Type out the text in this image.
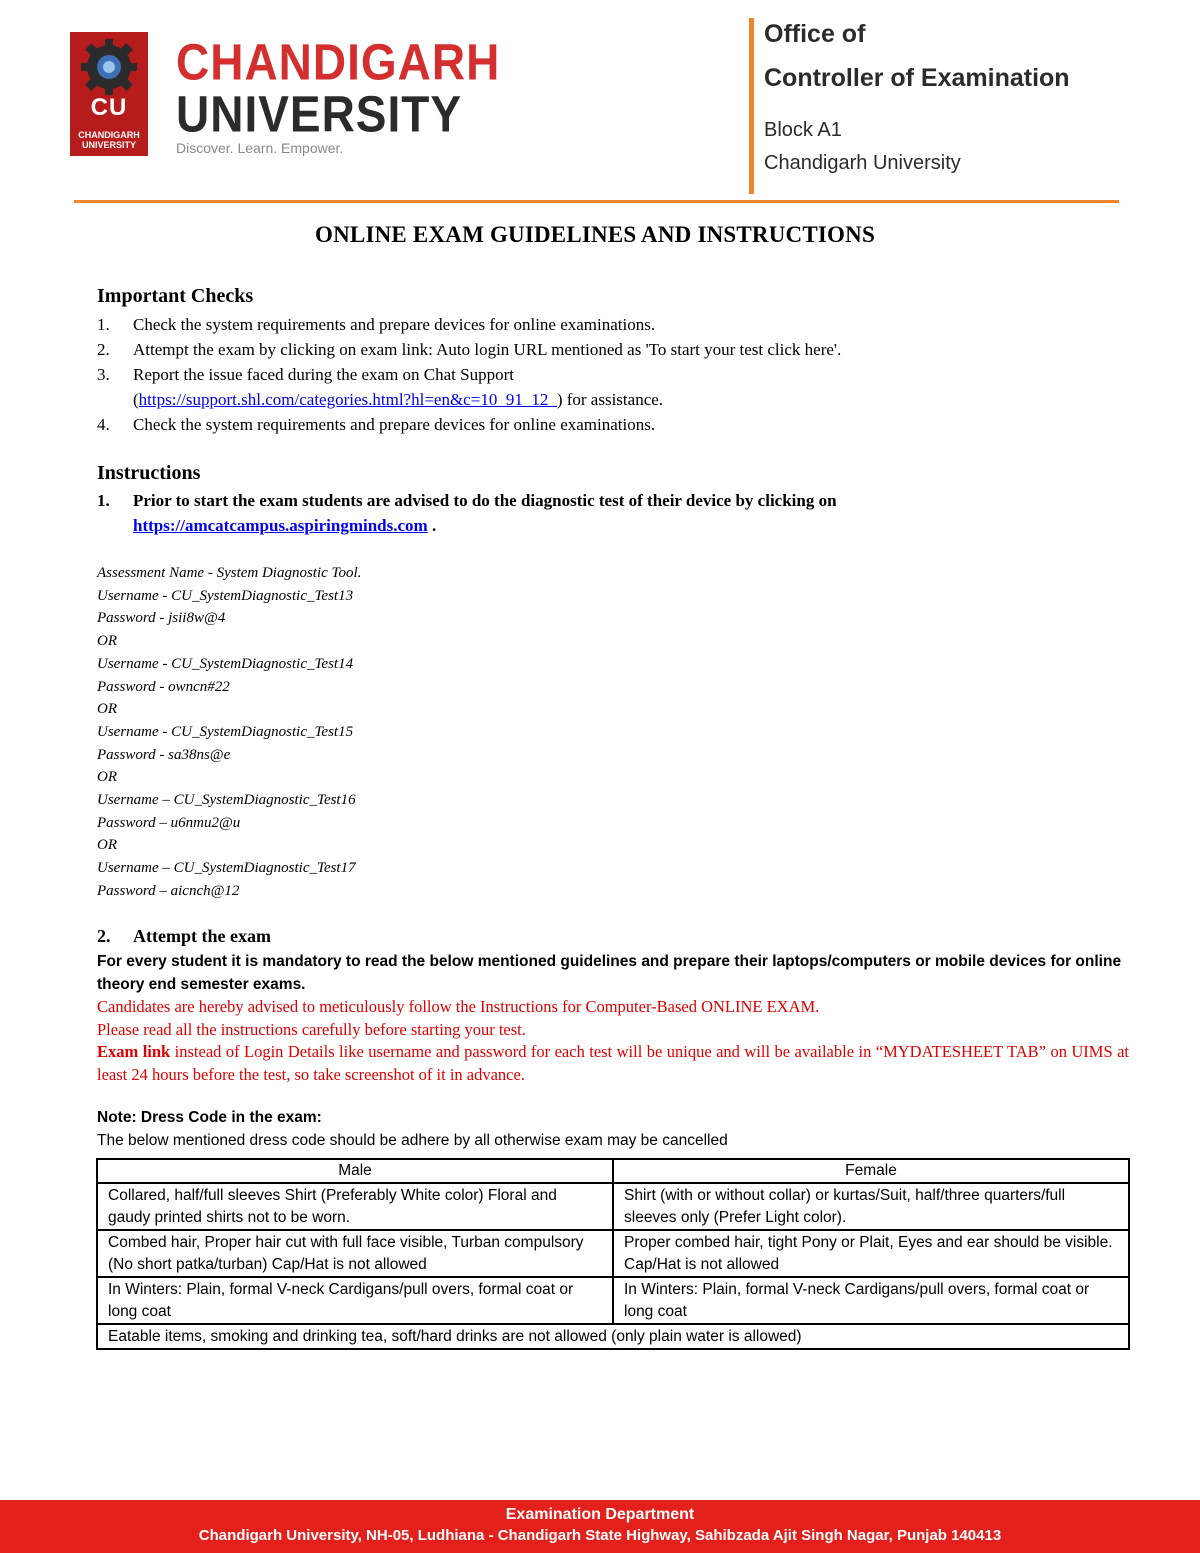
CU
CHANDIGARH UNIVERSITY
CHANDIGARH
UNIVERSITY
Discover. Learn. Empower.
Office of
Controller of Examination
Block A1
Chandigarh University
ONLINE EXAM GUIDELINES AND INSTRUCTIONS
Important Checks
1. Check the system requirements and prepare devices for online examinations.
2. Attempt the exam by clicking on exam link: Auto login URL mentioned as 'To start your test click here'.
3. Report the issue faced during the exam on Chat Support
(https://support.shl.com/categories.html?hl=en&c=10_91_12_) for assistance.
4. Check the system requirements and prepare devices for online examinations.
Instructions
1. Prior to start the exam students are advised to do the diagnostic test of their device by clicking on
https://amcatcampus.aspiringminds.com .
Assessment Name - System Diagnostic Tool.
Username - CU_SystemDiagnostic_Test13
Password - jsii8w@4
OR
Username - CU_SystemDiagnostic_Test14
Password - owncn#22
OR
Username - CU_SystemDiagnostic_Test15
Password - sa38ns@e
OR
Username – CU_SystemDiagnostic_Test16
Password – u6nmu2@u
OR
Username – CU_SystemDiagnostic_Test17
Password – aicnch@12
2. Attempt the exam
For every student it is mandatory to read the below mentioned guidelines and prepare their laptops/computers or mobile devices for online theory end semester exams.
Candidates are hereby advised to meticulously follow the Instructions for Computer-Based ONLINE EXAM.
Please read all the instructions carefully before starting your test.
Exam link instead of Login Details like username and password for each test will be unique and will be available in “MYDATESHEET TAB” on UIMS at least 24 hours before the test, so take screenshot of it in advance.
Note: Dress Code in the exam:
The below mentioned dress code should be adhere by all otherwise exam may be cancelled
Male	Female
Collared, half/full sleeves Shirt (Preferably White color) Floral and gaudy printed shirts not to be worn.	Shirt (with or without collar) or kurtas/Suit, half/three quarters/full sleeves only (Prefer Light color).
Combed hair, Proper hair cut with full face visible, Turban compulsory (No short patka/turban) Cap/Hat is not allowed	Proper combed hair, tight Pony or Plait, Eyes and ear should be visible. Cap/Hat is not allowed
In Winters: Plain, formal V-neck Cardigans/pull overs, formal coat or long coat	In Winters: Plain, formal V-neck Cardigans/pull overs, formal coat or long coat
Eatable items, smoking and drinking tea, soft/hard drinks are not allowed (only plain water is allowed)	
Examination Department
Chandigarh University, NH-05, Ludhiana - Chandigarh State Highway, Sahibzada Ajit Singh Nagar, Punjab 140413
